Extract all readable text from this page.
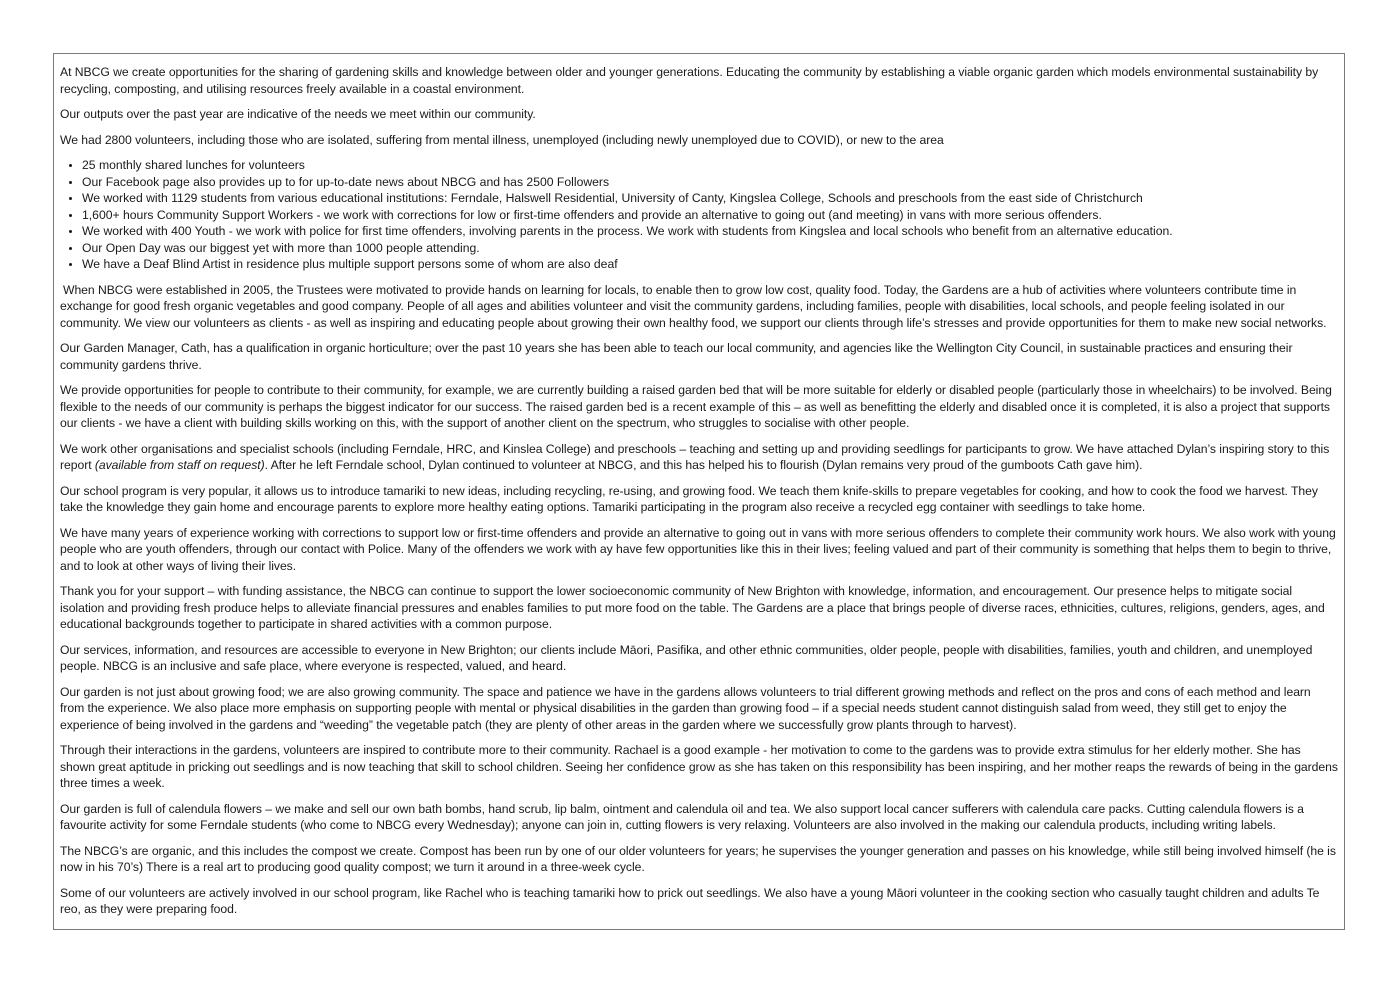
At NBCG we create opportunities for the sharing of gardening skills and knowledge between older and younger generations. Educating the community by establishing a viable organic garden which models environmental sustainability by recycling, composting, and utilising resources freely available in a coastal environment.

Our outputs over the past year are indicative of the needs we meet within our community.

We had 2800 volunteers, including those who are isolated, suffering from mental illness, unemployed (including newly unemployed due to COVID), or new to the area

• 25 monthly shared lunches for volunteers
• Our Facebook page also provides up to for up-to-date news about NBCG and has 2500 Followers
• We worked with 1129 students from various educational institutions: Ferndale, Halswell Residential, University of Canty, Kingslea College, Schools and preschools from the east side of Christchurch
• 1,600+ hours Community Support Workers - we work with corrections for low or first-time offenders and provide an alternative to going out (and meeting) in vans with more serious offenders.
• We worked with 400 Youth - we work with police for first time offenders, involving parents in the process. We work with students from Kingslea and local schools who benefit from an alternative education.
• Our Open Day was our biggest yet with more than 1000 people attending.
• We have a Deaf Blind Artist in residence plus multiple support persons some of whom are also deaf

When NBCG were established in 2005, the Trustees were motivated to provide hands on learning for locals, to enable then to grow low cost, quality food. Today, the Gardens are a hub of activities where volunteers contribute time in exchange for good fresh organic vegetables and good company. People of all ages and abilities volunteer and visit the community gardens, including families, people with disabilities, local schools, and people feeling isolated in our community. We view our volunteers as clients - as well as inspiring and educating people about growing their own healthy food, we support our clients through life’s stresses and provide opportunities for them to make new social networks.

Our Garden Manager, Cath, has a qualification in organic horticulture; over the past 10 years she has been able to teach our local community, and agencies like the Wellington City Council, in sustainable practices and ensuring their community gardens thrive.

We provide opportunities for people to contribute to their community, for example, we are currently building a raised garden bed that will be more suitable for elderly or disabled people (particularly those in wheelchairs) to be involved. Being flexible to the needs of our community is perhaps the biggest indicator for our success. The raised garden bed is a recent example of this – as well as benefitting the elderly and disabled once it is completed, it is also a project that supports our clients - we have a client with building skills working on this, with the support of another client on the spectrum, who struggles to socialise with other people.

We work other organisations and specialist schools (including Ferndale, HRC, and Kinslea College) and preschools – teaching and setting up and providing seedlings for participants to grow. We have attached Dylan’s inspiring story to this report (available from staff on request). After he left Ferndale school, Dylan continued to volunteer at NBCG, and this has helped his to flourish (Dylan remains very proud of the gumboots Cath gave him).

Our school program is very popular, it allows us to introduce tamariki to new ideas, including recycling, re-using, and growing food. We teach them knife-skills to prepare vegetables for cooking, and how to cook the food we harvest. They take the knowledge they gain home and encourage parents to explore more healthy eating options. Tamariki participating in the program also receive a recycled egg container with seedlings to take home.

We have many years of experience working with corrections to support low or first-time offenders and provide an alternative to going out in vans with more serious offenders to complete their community work hours. We also work with young people who are youth offenders, through our contact with Police. Many of the offenders we work with ay have few opportunities like this in their lives; feeling valued and part of their community is something that helps them to begin to thrive, and to look at other ways of living their lives.

Thank you for your support – with funding assistance, the NBCG can continue to support the lower socioeconomic community of New Brighton with knowledge, information, and encouragement. Our presence helps to mitigate social isolation and providing fresh produce helps to alleviate financial pressures and enables families to put more food on the table. The Gardens are a place that brings people of diverse races, ethnicities, cultures, religions, genders, ages, and educational backgrounds together to participate in shared activities with a common purpose.

Our services, information, and resources are accessible to everyone in New Brighton; our clients include Māori, Pasifika, and other ethnic communities, older people, people with disabilities, families, youth and children, and unemployed people. NBCG is an inclusive and safe place, where everyone is respected, valued, and heard.

Our garden is not just about growing food; we are also growing community. The space and patience we have in the gardens allows volunteers to trial different growing methods and reflect on the pros and cons of each method and learn from the experience. We also place more emphasis on supporting people with mental or physical disabilities in the garden than growing food – if a special needs student cannot distinguish salad from weed, they still get to enjoy the experience of being involved in the gardens and “weeding” the vegetable patch (they are plenty of other areas in the garden where we successfully grow plants through to harvest).

Through their interactions in the gardens, volunteers are inspired to contribute more to their community. Rachael is a good example - her motivation to come to the gardens was to provide extra stimulus for her elderly mother. She has shown great aptitude in pricking out seedlings and is now teaching that skill to school children. Seeing her confidence grow as she has taken on this responsibility has been inspiring, and her mother reaps the rewards of being in the gardens three times a week.

Our garden is full of calendula flowers – we make and sell our own bath bombs, hand scrub, lip balm, ointment and calendula oil and tea. We also support local cancer sufferers with calendula care packs. Cutting calendula flowers is a favourite activity for some Ferndale students (who come to NBCG every Wednesday); anyone can join in, cutting flowers is very relaxing. Volunteers are also involved in the making our calendula products, including writing labels.

The NBCG’s are organic, and this includes the compost we create. Compost has been run by one of our older volunteers for years; he supervises the younger generation and passes on his knowledge, while still being involved himself (he is now in his 70’s) There is a real art to producing good quality compost; we turn it around in a three-week cycle.

Some of our volunteers are actively involved in our school program, like Rachel who is teaching tamariki how to prick out seedlings. We also have a young Māori volunteer in the cooking section who casually taught children and adults Te reo, as they were preparing food.
